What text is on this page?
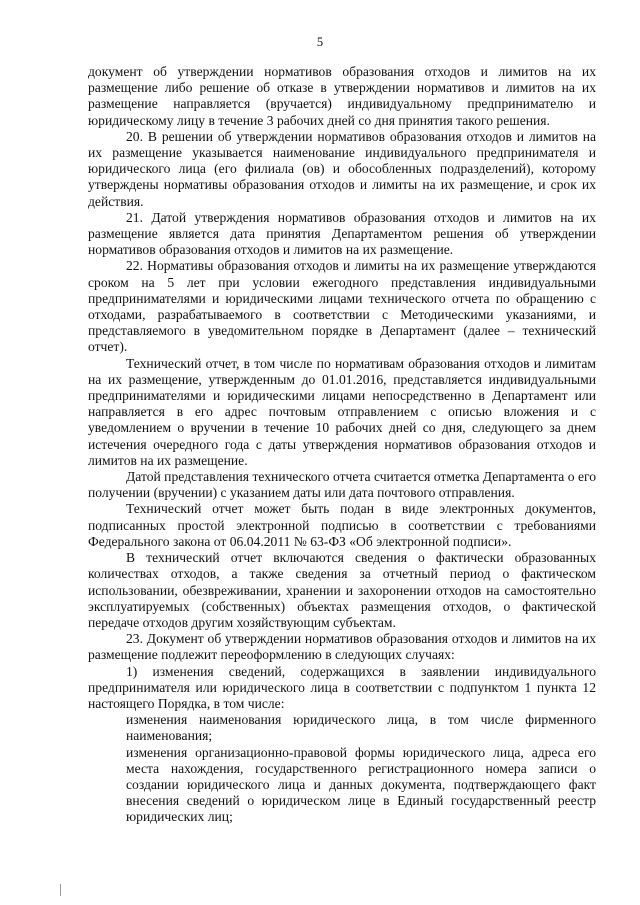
5

документ об утверждении нормативов образования отходов и лимитов на их размещение либо решение об отказе в утверждении нормативов и лимитов на их размещение направляется (вручается) индивидуальному предпринимателю и юридическому лицу в течение 3 рабочих дней со дня принятия такого решения.

20. В решении об утверждении нормативов образования отходов и лимитов на их размещение указывается наименование индивидуального предпринимателя и юридического лица (его филиала (ов) и обособленных подразделений), которому утверждены нормативы образования отходов и лимиты на их размещение, и срок их действия.

21. Датой утверждения нормативов образования отходов и лимитов на их размещение является дата принятия Департаментом решения об утверждении нормативов образования отходов и лимитов на их размещение.

22. Нормативы образования отходов и лимиты на их размещение утверждаются сроком на 5 лет при условии ежегодного представления индивидуальными предпринимателями и юридическими лицами технического отчета по обращению с отходами, разрабатываемого в соответствии с Методическими указаниями, и представляемого в уведомительном порядке в Департамент (далее – технический отчет).

Технический отчет, в том числе по нормативам образования отходов и лимитам на их размещение, утвержденным до 01.01.2016, представляется индивидуальными предпринимателями и юридическими лицами непосредственно в Департамент или направляется в его адрес почтовым отправлением с описью вложения и с уведомлением о вручении в течение 10 рабочих дней со дня, следующего за днем истечения очередного года с даты утверждения нормативов образования отходов и лимитов на их размещение.

Датой представления технического отчета считается отметка Департамента о его получении (вручении) с указанием даты или дата почтового отправления.

Технический отчет может быть подан в виде электронных документов, подписанных простой электронной подписью в соответствии с требованиями Федерального закона от 06.04.2011 № 63-ФЗ «Об электронной подписи».

В технический отчет включаются сведения о фактически образованных количествах отходов, а также сведения за отчетный период о фактическом использовании, обезвреживании, хранении и захоронении отходов на самостоятельно эксплуатируемых (собственных) объектах размещения отходов, о фактической передаче отходов другим хозяйствующим субъектам.

23. Документ об утверждении нормативов образования отходов и лимитов на их размещение подлежит переоформлению в следующих случаях:

1) изменения сведений, содержащихся в заявлении индивидуального предпринимателя или юридического лица в соответствии с подпунктом 1 пункта 12 настоящего Порядка, в том числе:

изменения наименования юридического лица, в том числе фирменного наименования;

изменения организационно-правовой формы юридического лица, адреса его места нахождения, государственного регистрационного номера записи о создании юридического лица и данных документа, подтверждающего факт внесения сведений о юридическом лице в Единый государственный реестр юридических лиц;
